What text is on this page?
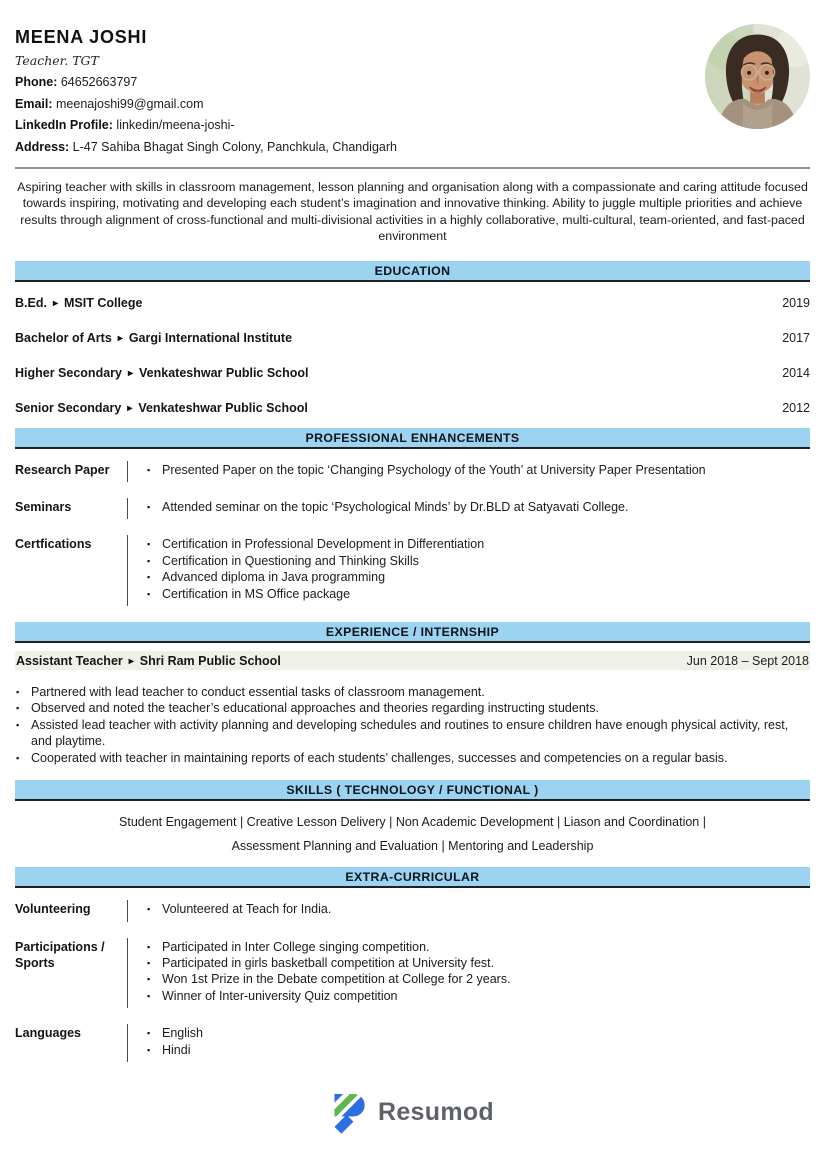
MEENA JOSHI
Teacher. TGT
Phone: 64652663797
Email: meenajoshi99@gmail.com
LinkedIn Profile: linkedin/meena-joshi-
Address: L-47 Sahiba Bhagat Singh Colony, Panchkula, Chandigarh
Aspiring teacher with skills in classroom management, lesson planning and organisation along with a compassionate and caring attitude focused towards inspiring, motivating and developing each student’s imagination and innovative thinking. Ability to juggle multiple priorities and achieve results through alignment of cross-functional and multi-divisional activities in a highly collaborative, multi-cultural, team-oriented, and fast-paced environment
EDUCATION
B.Ed. ▸ MSIT College	2019
Bachelor of Arts ▸ Gargi International Institute	2017
Higher Secondary ▸ Venkateshwar Public School	2014
Senior Secondary ▸ Venkateshwar Public School	2012
PROFESSIONAL ENHANCEMENTS
Research Paper	▪ Presented Paper on the topic ‘Changing Psychology of the Youth’ at University Paper Presentation
Seminars	▪ Attended seminar on the topic ‘Psychological Minds’ by Dr.BLD at Satyavati College.
Certfications	▪ Certification in Professional Development in Differentiation
▪ Certification in Questioning and Thinking Skills
▪ Advanced diploma in Java programming
▪ Certification in MS Office package
EXPERIENCE / INTERNSHIP
Assistant Teacher ▸ Shri Ram Public School	Jun 2018 – Sept 2018
▪ Partnered with lead teacher to conduct essential tasks of classroom management.
▪ Observed and noted the teacher’s educational approaches and theories regarding instructing students.
▪ Assisted lead teacher with activity planning and developing schedules and routines to ensure children have enough physical activity, rest, and playtime.
▪ Cooperated with teacher in maintaining reports of each students’ challenges, successes and competencies on a regular basis.
SKILLS ( TECHNOLOGY / FUNCTIONAL )
Student Engagement | Creative Lesson Delivery | Non Academic Development | Liason and Coordination |
Assessment Planning and Evaluation | Mentoring and Leadership
EXTRA-CURRICULAR
Volunteering	▪ Volunteered at Teach for India.
Participations / Sports
▪ Participated in Inter College singing competition.
▪ Participated in girls basketball competition at University fest.
▪ Won 1st Prize in the Debate competition at College for 2 years.
▪ Winner of Inter-university Quiz competition
Languages	▪ English
▪ Hindi
Resumod
